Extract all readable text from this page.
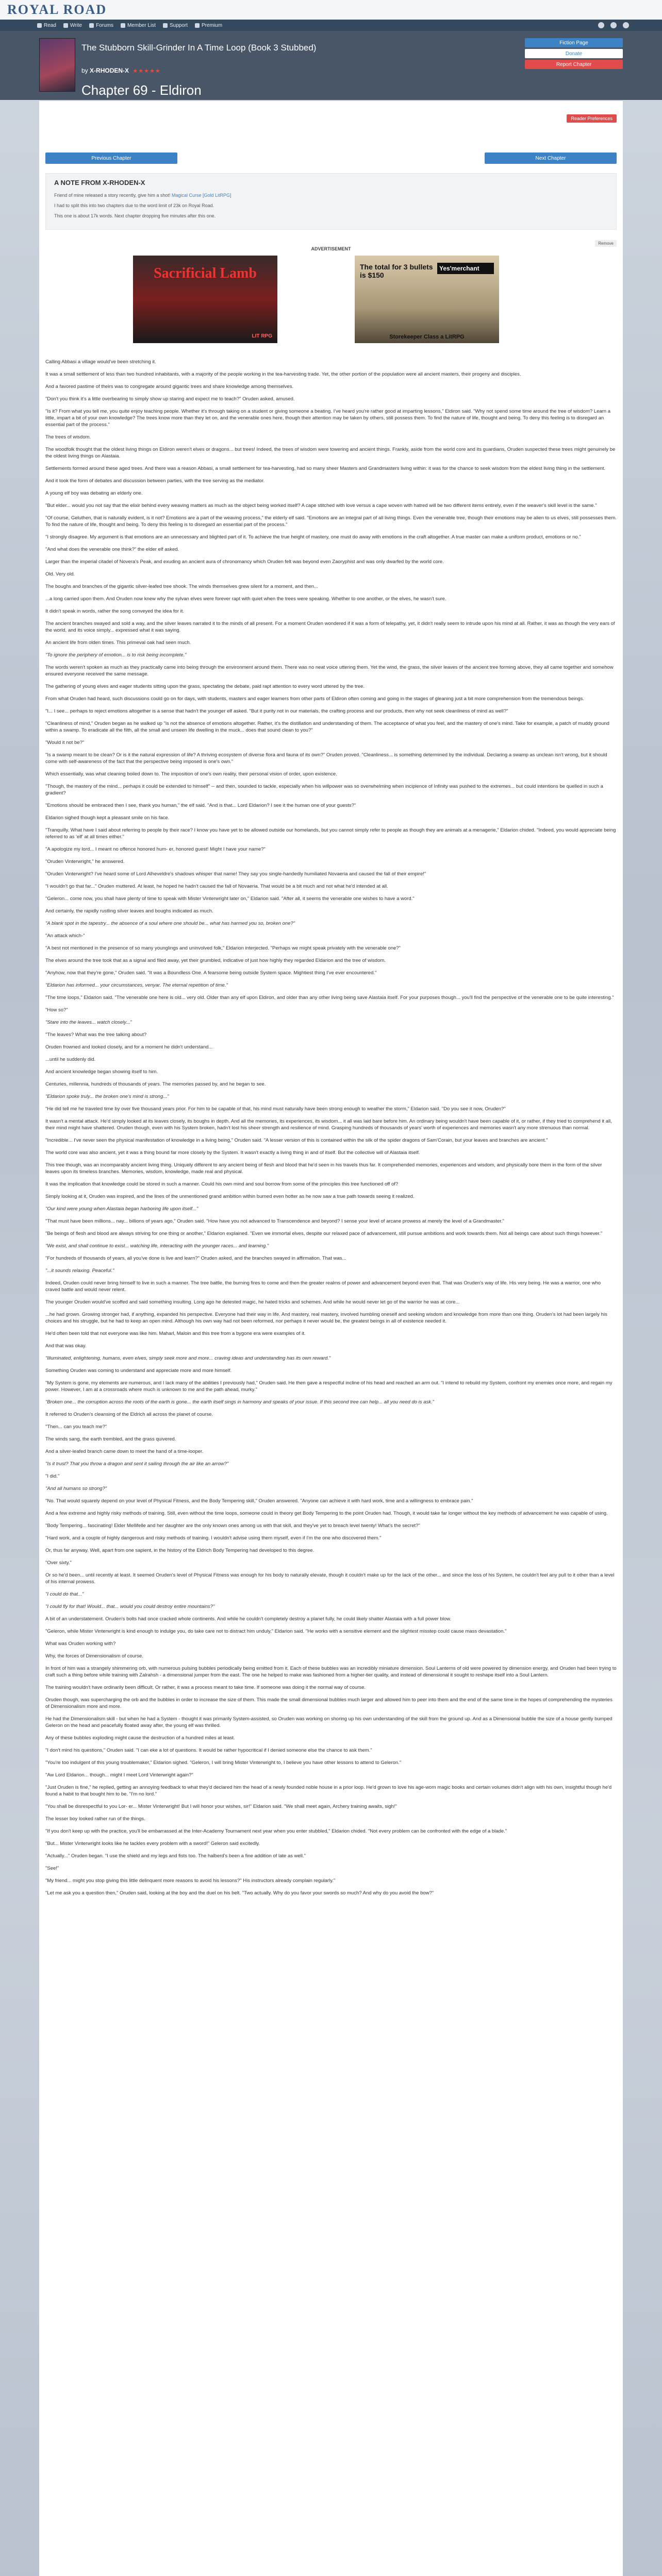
ROYAL ROAD
Read	Write	Forums	Member List	Support	Premium
The Stubborn Skill-Grinder In A Time Loop (Book 3 Stubbed)
by X-RHODEN-X ★★★★★
Chapter 69 - Eldiron
Fiction Page
Donate
Report Chapter
Reader Preferences
Previous Chapter	Next Chapter
A NOTE FROM X-RHODEN-X

Friend of mine released a story recently, give him a shot! Magical Curse [Gold LitRPG]

I had to split this into two chapters due to the word limit of 23k on Royal Road.

This one is about 17k words. Next chapter dropping five minutes after this one.

Remove
ADVERTISEMENT
Sacrificial Lamb
LIT RPG
The total for 3 bullets is $150
Yes'merchant
Storekeeper Class a LitRPG

Calling Abbasi a village would've been stretching it.

It was a small settlement of less than two hundred inhabitants, with a majority of the people working in the tea-harvesting trade. Yet, the other portion of the population were all ancient masters, their progeny and disciples.

And a favored pastime of theirs was to congregate around gigantic trees and share knowledge among themselves.

"Don't you think it's a little overbearing to simply show up staring and expect me to teach?" Oruden asked, amused.

"Is it? From what you tell me, you quite enjoy teaching people. Whether it's through taking on a student or giving someone a beating. I've heard you're rather good at imparting lessons," Eldiron said. "Why not spend some time around the tree of wisdom? Learn a little, impart a bit of your own knowledge? The trees know more than they let on, and the venerable ones here, though their attention may be taken by others, still possess them. To find the nature of life, thought and being. To deny this feeling is to disregard an essential part of the process."

The trees of wisdom.

The woodfolk thought that the oldest living things on Eldiron weren't elves or dragons... but trees! Indeed, the trees of wisdom were towering and ancient things. Frankly, aside from the world core and its guardians, Oruden suspected these trees might genuinely be the oldest living things on Alastaia.

Settlements formed around these aged trees. And there was a reason Abbasi, a small settlement for tea-harvesting, had so many sheer Masters and Grandmasters living within: it was for the chance to seek wisdom from the eldest living thing in the settlement.

And it took the form of debates and discussion between parties, with the tree serving as the mediator.

A young elf boy was debating an elderly one.

"But elder... would you not say that the elixir behind every weaving matters as much as the object being worked itself? A cape stitched with love versus a cape woven with hatred will be two different items entirely, even if the weaver's skill level is the same."

"Of course, Geluthen, that is naturally evident, is it not? Emotions are a part of the weaving process," the elderly elf said. "Emotions are an integral part of all living things. Even the venerable tree, though their emotions may be alien to us elves, still possesses them. To find the nature of life, thought and being. To deny this feeling is to disregard an essential part of the process."

"I strongly disagree. My argument is that emotions are an unnecessary and blighted part of it. To achieve the true height of mastery, one must do away with emotions in the craft altogether. A true master can make a uniform product, emotions or no."

"And what does the venerable one think?" the elder elf asked.

Larger than the imperial citadel of Novera's Peak, and exuding an ancient aura of chronomancy which Oruden felt was beyond even Zaoryphist and was only dwarfed by the world core.

Old. Very old.

The boughs and branches of the gigantic silver-leafed tree shook. The winds themselves grew silent for a moment, and then...

...a long carried upon them. And Oruden now knew why the sylvan elves were forever rapt with quiet when the trees were speaking. Whether to one another, or the elves, he wasn't sure.

It didn't speak in words, rather the song conveyed the idea for it.

The ancient branches swayed and sold a way, and the silver leaves narrated it to the minds of all present. For a moment Oruden wondered if it was a form of telepathy, yet, it didn't really seem to intrude upon his mind at all. Rather, it was as though the very ears of the world, and its voice simply... expressed what it was saying.

An ancient life from olden times. This primeval oak had seen much.

"To ignore the periphery of emotion... is to risk being incomplete."

The words weren't spoken as much as they practically came into being through the environment around them. There was no neat voice uttering them. Yet the wind, the grass, the silver leaves of the ancient tree forming above, they all came together and somehow ensured everyone received the same message.

The gathering of young elves and eager students sitting upon the grass, spectating the debate, paid rapt attention to every word uttered by the tree.

From what Oruden had heard, such discussions could go on for days, with students, masters and eager learners from other parts of Eldiron often coming and going in the stages of gleaning just a bit more comprehension from the tremendous beings.

"I... I see... perhaps to reject emotions altogether is a sense that hadn't the younger elf asked. "But it purity not in our materials, the crafting process and our products, then why not seek cleanliness of mind as well?"

"Cleanliness of mind," Oruden began as he walked up "is not the absence of emotions altogether. Rather, it's the distillation and understanding of them. The acceptance of what you feel, and the mastery of one's mind. Take for example, a patch of muddy ground within a swamp. To eradicate all the filth, all the small and unseen life dwelling in the muck... does that sound clean to you?"

"Would it not be?"

"Is a swamp meant to be clean? Or is it the natural expression of life? A thriving ecosystem of diverse flora and fauna of its own?" Oruden proved. "Cleanliness... is something determined by the individual. Declaring a swamp as unclean isn't wrong, but it should come with self-awareness of the fact that the perspective being imposed is one's own."

Which essentially, was what cleaning boiled down to. The imposition of one's own reality, their personal vision of order, upon existence.

"Though, the mastery of the mind... perhaps it could be extended to himself" -- and then, sounded to tackle, especially when his willpower was so overwhelming when incipience of Infinity was pushed to the extremes... but could intentions be quelled in such a gradient?

"Emotions should be embraced then I see, thank you human," the elf said. "And is that... Lord Eldarion? I see it the human one of your guests?"

Eldarion sighed though kept a pleasant smile on his face.

"Tranquilly. What have I said about referring to people by their race? I know you have yet to be allowed outside our homelands, but you cannot simply refer to people as though they are animals at a menagerie," Eldarion chided. "Indeed, you would appreciate being referred to as 'elf' at all times either."

"A apologize my lord... I meant no offence honored hum- er, honored guest! Might I have your name?"

"Oruden Vinterwright," he answered.

"Oruden Vinterwright? I've heard some of Lord Alheveldre's shadows whisper that name! They say you single-handedly humiliated Novaeria and caused the fall of their empire!"

"I wouldn't go that far..." Oruden muttered. At least, he hoped he hadn't caused the fall of Novaeria. That would be a bit much and not what he'd intended at all.

"Geleron... come now, you shall have plenty of time to speak with Mister Vinterwright later on," Eldarion said. "After all, it seems the venerable one wishes to have a word."

And certainly, the rapidly rustling silver leaves and boughs indicated as much.

"A blank spot in the tapestry... the absence of a soul where one should be... what has harmed you so, broken one?"

"An attack which-"

"A best not mentioned in the presence of so many younglings and uninvolved folk," Eldarion interjected. "Perhaps we might speak privately with the venerable one?"

The elves around the tree took that as a signal and filed away, yet their grumbled, indicative of just how highly they regarded Eldarion and the tree of wisdom.

"Anyhow, now that they're gone," Oruden said. "It was a Boundless One. A fearsome being outside System space. Mightiest thing I've ever encountered."

"Eldarion has informed... your circumstances, venyar. The eternal repetition of time."

"The time loops," Eldarion said. "The venerable one here is old... very old. Older than any elf upon Eldiron, and older than any other living being save Alastaia itself. For your purposes though... you'll find the perspective of the venerable one to be quite interesting."

"How so?"

"Stare into the leaves... watch closely..."

"The leaves? What was the tree talking about?

Oruden frowned and looked closely, and for a moment he didn't understand...

...until he suddenly did.

And ancient knowledge began showing itself to him.

Centuries, millennia, hundreds of thousands of years. The memories passed by, and he began to see.

"Eldarion spoke truly... the broken one's mind is strong..."

"He did tell me he traveled time by over five thousand years prior. For him to be capable of that, his mind must naturally have been strong enough to weather the storm," Eldarion said. "Do you see it now, Oruden?"

It wasn't a mental attack. He'd simply looked at its leaves closely, its boughs in depth. And all the memories, its experiences, its wisdom... it all was laid bare before him. An ordinary being wouldn't have been capable of it, or rather, if they tried to comprehend it all, their mind might have shattered. Oruden though, even with his System broken, hadn't lost his sheer strength and resilience of mind. Grasping hundreds of thousands of years' worth of experiences and memories wasn't any more strenuous than normal.

"Incredible... I've never seen the physical manifestation of knowledge in a living being," Oruden said. "A lesser version of this is contained within the silk of the spider dragons of Sam'Corain, but your leaves and branches are ancient."

The world core was also ancient, yet it was a thing bound far more closely by the System. It wasn't exactly a living thing in and of itself. But the collective will of Alastaia itself.

This tree though, was an incomparably ancient living thing. Uniquely different to any ancient being of flesh and blood that he'd seen in his travels thus far. It comprehended memories, experiences and wisdom, and physically bore them in the form of the silver leaves upon its timeless branches. Memories, wisdom, knowledge, made real and physical.

It was the implication that knowledge could be stored in such a manner. Could his own mind and soul borrow from some of the principles this tree functioned off of?

Simply looking at it, Oruden was inspired, and the lines of the unmentioned grand ambition within burned even hotter as he now saw a true path towards seeing it realized.

"Our kind were young when Alastaia began harboring life upon itself..."

"That must have been millions... nay... billions of years ago," Oruden said. "How have you not advanced to Transcendence and beyond? I sense your level of arcane prowess at merely the level of a Grandmaster."

"Be beings of flesh and blood are always striving for one thing or another," Eldarion explained. "Even we immortal elves, despite our relaxed pace of advancement, still pursue ambitions and work towards them. Not all beings care about such things however."

"We exist, and shall continue to exist... watching life, interacting with the younger races... and learning."

"For hundreds of thousands of years, all you've done is live and learn?" Oruden asked, and the branches swayed in affirmation. That was...

"...it sounds relaxing. Peaceful."

Indeed, Oruden could never bring himself to live in such a manner. The tree battle, the burning fires to come and then the greater realms of power and advancement beyond even that. That was Oruden's way of life. His very being. He was a warrior, one who craved battle and would never relent.

The younger Oruden would've scoffed and said something insulting. Long ago he detested magic, he hated tricks and schemes. And while he would never let go of the warrior he was at core...

...he had grown. Growing stronger had, if anything, expanded his perspective. Everyone had their way in life. And mastery, real mastery, involved humbling oneself and seeking wisdom and knowledge from more than one thing. Oruden's lot had been largely his choices and his struggle, but he had to keep an open mind. Although his own way had not been reformed, nor perhaps it never would be, the greatest beings in all of existence needed it.

He'd often been told that not everyone was like him. Maharl, Maloin and this tree from a bygone era were examples of it.

And that was okay.

"Illuminated, enlightening, humans, even elves, simply seek more and more... craving ideas and understanding has its own reward."

Something Oruden was coming to understand and appreciate more and more himself.

"My System is gone, my elements are numerous, and I lack many of the abilities I previously had," Oruden said. He then gave a respectful incline of his head and reached an arm out. "I intend to rebuild my System, confront my enemies once more, and regain my power. However, I am at a crossroads where much is unknown to me and the path ahead, murky."

"Broken one... the corruption across the roots of the earth is gone... the earth itself sings in harmony and speaks of your issue. If this second tree can help... all you need do is ask."

It referred to Oruden's cleansing of the Eldrich all across the planet of course.

"Then... can you teach me?"

The winds sang, the earth trembled, and the grass quivered.

And a silver-leafed branch came down to meet the hand of a time-looper.

"Is it trust? That you throw a dragon and sent it sailing through the air like an arrow?"

"I did."

"And all humans so strong?"

"No. That would squarely depend on your level of Physical Fitness, and the Body Tempering skill," Oruden answered. "Anyone can achieve it with hard work, time and a willingness to embrace pain."

And a few extreme and highly risky methods of training. Still, even without the time loops, someone could in theory get Body Tempering to the point Oruden had. Though, it would take far longer without the key methods of advancement he was capable of using.

"Body Tempering... fascinating! Elder Mellifelle and her daughter are the only known ones among us with that skill, and they've yet to breach level twenty! What's the secret?"

"Hard work, and a couple of highly dangerous and risky methods of training. I wouldn't advise using them myself, even if I'm the one who discovered them."

Or, thus far anyway. Well, apart from one sapient, in the history of the Eldrich Body Tempering had developed to this degree.

"Over sixty."

Or so he'd been... until recently at least. It seemed Oruden's level of Physical Fitness was enough for his body to naturally elevate, though it couldn't make up for the lack of the other... and since the loss of his System, he couldn't feel any pull to it other than a level of his internal prowess.

"I could do that..."

"I could fly for that! Would... that... would you could destroy entire mountains?"

A bit of an understatement. Oruden's bolts had once cracked whole continents. And while he couldn't completely destroy a planet fully, he could likely shatter Alastaia with a full power blow.

"Geleron, while Mister Vinterwright is kind enough to indulge you, do take care not to distract him unduly," Eldarion said. "He works with a sensitive element and the slightest misstep could cause mass devastation."

What was Oruden working with?

Why, the forces of Dimensionalism of course.

In front of him was a strangely shimmering orb, with numerous pulsing bubbles periodically being emitted from it. Each of these bubbles was an incredibly miniature dimension. Soul Lanterns of old were powered by dimension energy, and Oruden had been trying to craft such a thing before while training with Zalrahsh - a dimensional jumper from the east. The one he helped to make was fashioned from a higher-tier quality, and instead of dimensional it sought to reshape itself into a Soul Lantern.

The training wouldn't have ordinarily been difficult. Or rather, it was a process meant to take time. If someone was doing it the normal way of course.

Oruden though, was supercharging the orb and the bubbles in order to increase the size of them. This made the small dimensional bubbles much larger and allowed him to peer into them and the end of the same time in the hopes of comprehending the mysteries of Dimensionalism more and more.

He had the Dimensionalism skill - but when he had a System - thought it was primarily System-assisted, so Oruden was working on shoring up his own understanding of the skill from the ground up. And as a Dimensional bubble the size of a house gently bumped Geleron on the head and peacefully floated away after, the young elf was thrilled.

Any of these bubbles exploding might cause the destruction of a hundred miles at least.

"I don't mind his questions," Oruden said. "I can eke a lot of questions. It would be rather hypocritical if I denied someone else the chance to ask them."

"You're too indulgent of this young troublemaker," Eldarion sighed. "Geleron, I will bring Mister Vinterwright to, I believe you have other lessons to attend to Geleron."

"Aw Lord Eldarion... though... might I meet Lord Vinterwright again?"

"Just Oruden is fine," he replied, getting an annoying feedback to what they'd declared him the head of a newly founded noble house in a prior loop. He'd grown to love his age-worn magic books and certain volumes didn't align with his own, insightful though he'd found a habit to that bought him to be. "I'm no lord."

"You shall be disrespectful to you Lor- er... Mister Vinterwright! But I will honor your wishes, sir!" Eldarion said. "We shall meet again, Archery training awaits, sigh!"

The lesser boy looked rather run of the things.

"If you don't keep up with the practice, you'll be embarrassed at the Inter-Academy Tournament next year when you enter stubbled," Eldarion chided. "Not every problem can be confronted with the edge of a blade."

"But... Mister Vinterwright looks like he tackles every problem with a sword!" Geleron said excitedly.

"Actually..." Oruden began. "I use the shield and my legs and fists too. The halberd's been a fine addition of late as well."

"See!"

"My friend... might you stop giving this little delinquent more reasons to avoid his lessons?" His instructors already complain regularly."

"Let me ask you a question then," Oruden said, looking at the boy and the duel on his belt. "Two actually. Why do you favor your swords so much? And why do you avoid the bow?"
